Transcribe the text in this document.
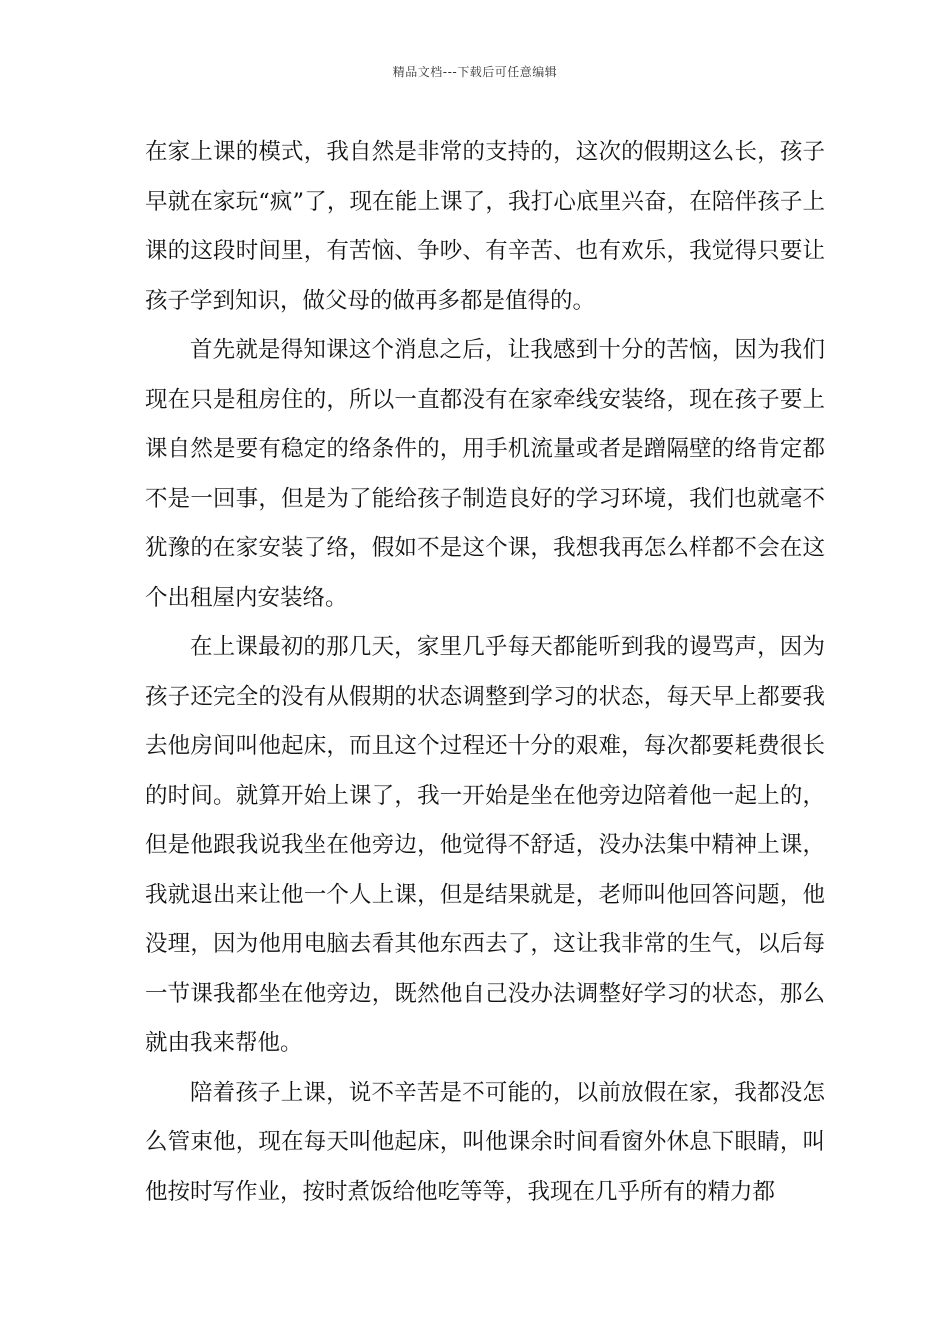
精品文档---下载后可任意编辑

在家上课的模式，我自然是非常的支持的，这次的假期这么长，孩子早就在家玩“疯”了，现在能上课了，我打心底里兴奋，在陪伴孩子上课的这段时间里，有苦恼、争吵、有辛苦、也有欢乐，我觉得只要让孩子学到知识，做父母的做再多都是值得的。

首先就是得知课这个消息之后，让我感到十分的苦恼，因为我们现在只是租房住的，所以一直都没有在家牵线安装络，现在孩子要上课自然是要有稳定的络条件的，用手机流量或者是蹭隔壁的络肯定都不是一回事，但是为了能给孩子制造良好的学习环境，我们也就毫不犹豫的在家安装了络，假如不是这个课，我想我再怎么样都不会在这个出租屋内安装络。

在上课最初的那几天，家里几乎每天都能听到我的谩骂声，因为孩子还完全的没有从假期的状态调整到学习的状态，每天早上都要我去他房间叫他起床，而且这个过程还十分的艰难，每次都要耗费很长的时间。就算开始上课了，我一开始是坐在他旁边陪着他一起上的，但是他跟我说我坐在他旁边，他觉得不舒适，没办法集中精神上课，我就退出来让他一个人上课，但是结果就是，老师叫他回答问题，他没理，因为他用电脑去看其他东西去了，这让我非常的生气，以后每一节课我都坐在他旁边，既然他自己没办法调整好学习的状态，那么就由我来帮他。

陪着孩子上课，说不辛苦是不可能的，以前放假在家，我都没怎么管束他，现在每天叫他起床，叫他课余时间看窗外休息下眼睛，叫他按时写作业，按时煮饭给他吃等等，我现在几乎所有的精力都
